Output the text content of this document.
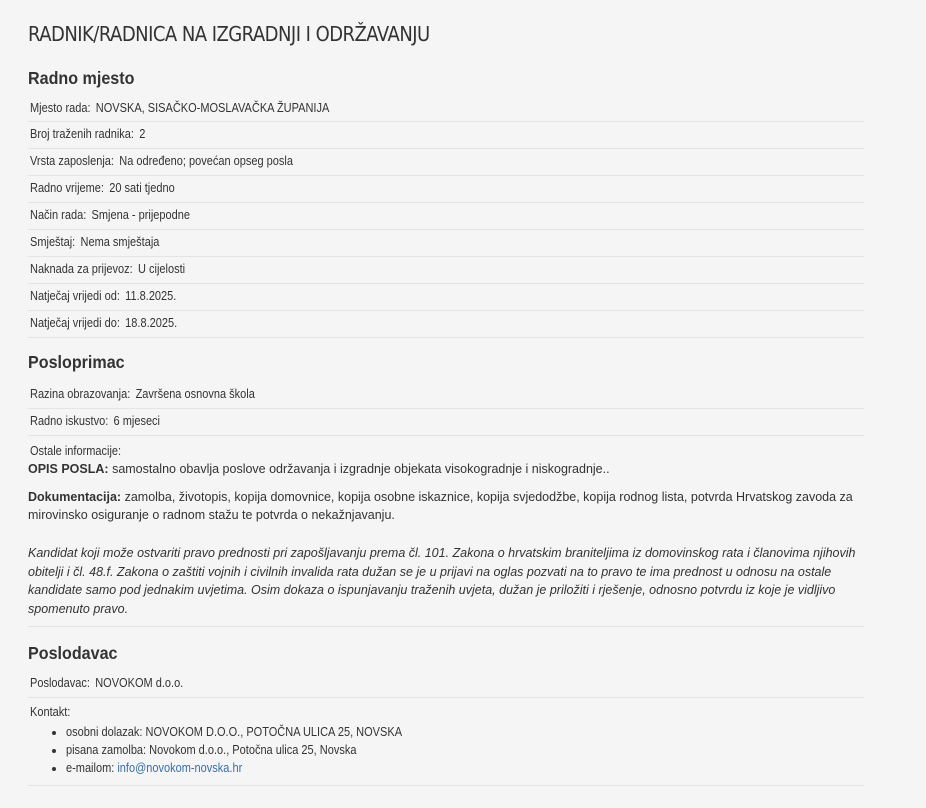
RADNIK/RADNICA NA IZGRADNJI I ODRŽAVANJU
Radno mjesto
Mjesto rada: NOVSKA, SISAČKO-MOSLAVAČKA ŽUPANIJA
Broj traženih radnika: 2
Vrsta zaposlenja: Na određeno; povećan opseg posla
Radno vrijeme: 20 sati tjedno
Način rada: Smjena - prijepodne
Smještaj: Nema smještaja
Naknada za prijevoz: U cijelosti
Natječaj vrijedi od: 11.8.2025.
Natječaj vrijedi do: 18.8.2025.
Posloprimac
Razina obrazovanja: Završena osnovna škola
Radno iskustvo: 6 mjeseci
Ostale informacije:
OPIS POSLA: samostalno obavlja poslove održavanja i izgradnje objekata visokogradnje i niskogradnje..
Dokumentacija: zamolba, životopis, kopija domovnice, kopija osobne iskaznice, kopija svjedodžbe, kopija rodnog lista, potvrda Hrvatskog zavoda za mirovinsko osiguranje o radnom stažu te potvrda o nekažnjavanju.
Kandidat koji može ostvariti pravo prednosti pri zapošljavanju prema čl. 101. Zakona o hrvatskim braniteljima iz domovinskog rata i članovima njihovih obitelji i čl. 48.f. Zakona o zaštiti vojnih i civilnih invalida rata dužan se je u prijavi na oglas pozvati na to pravo te ima prednost u odnosu na ostale kandidate samo pod jednakim uvjetima. Osim dokaza o ispunjavanju traženih uvjeta, dužan je priložiti i rješenje, odnosno potvrdu iz koje je vidljivo spomenuto pravo.
Poslodavac
Poslodavac: NOVOKOM d.o.o.
Kontakt:
• osobni dolazak: NOVOKOM D.O.O., POTOČNA ULICA 25, NOVSKA
• pisana zamolba: Novokom d.o.o., Potočna ulica 25, Novska
• e-mailom: info@novokom-novska.hr
